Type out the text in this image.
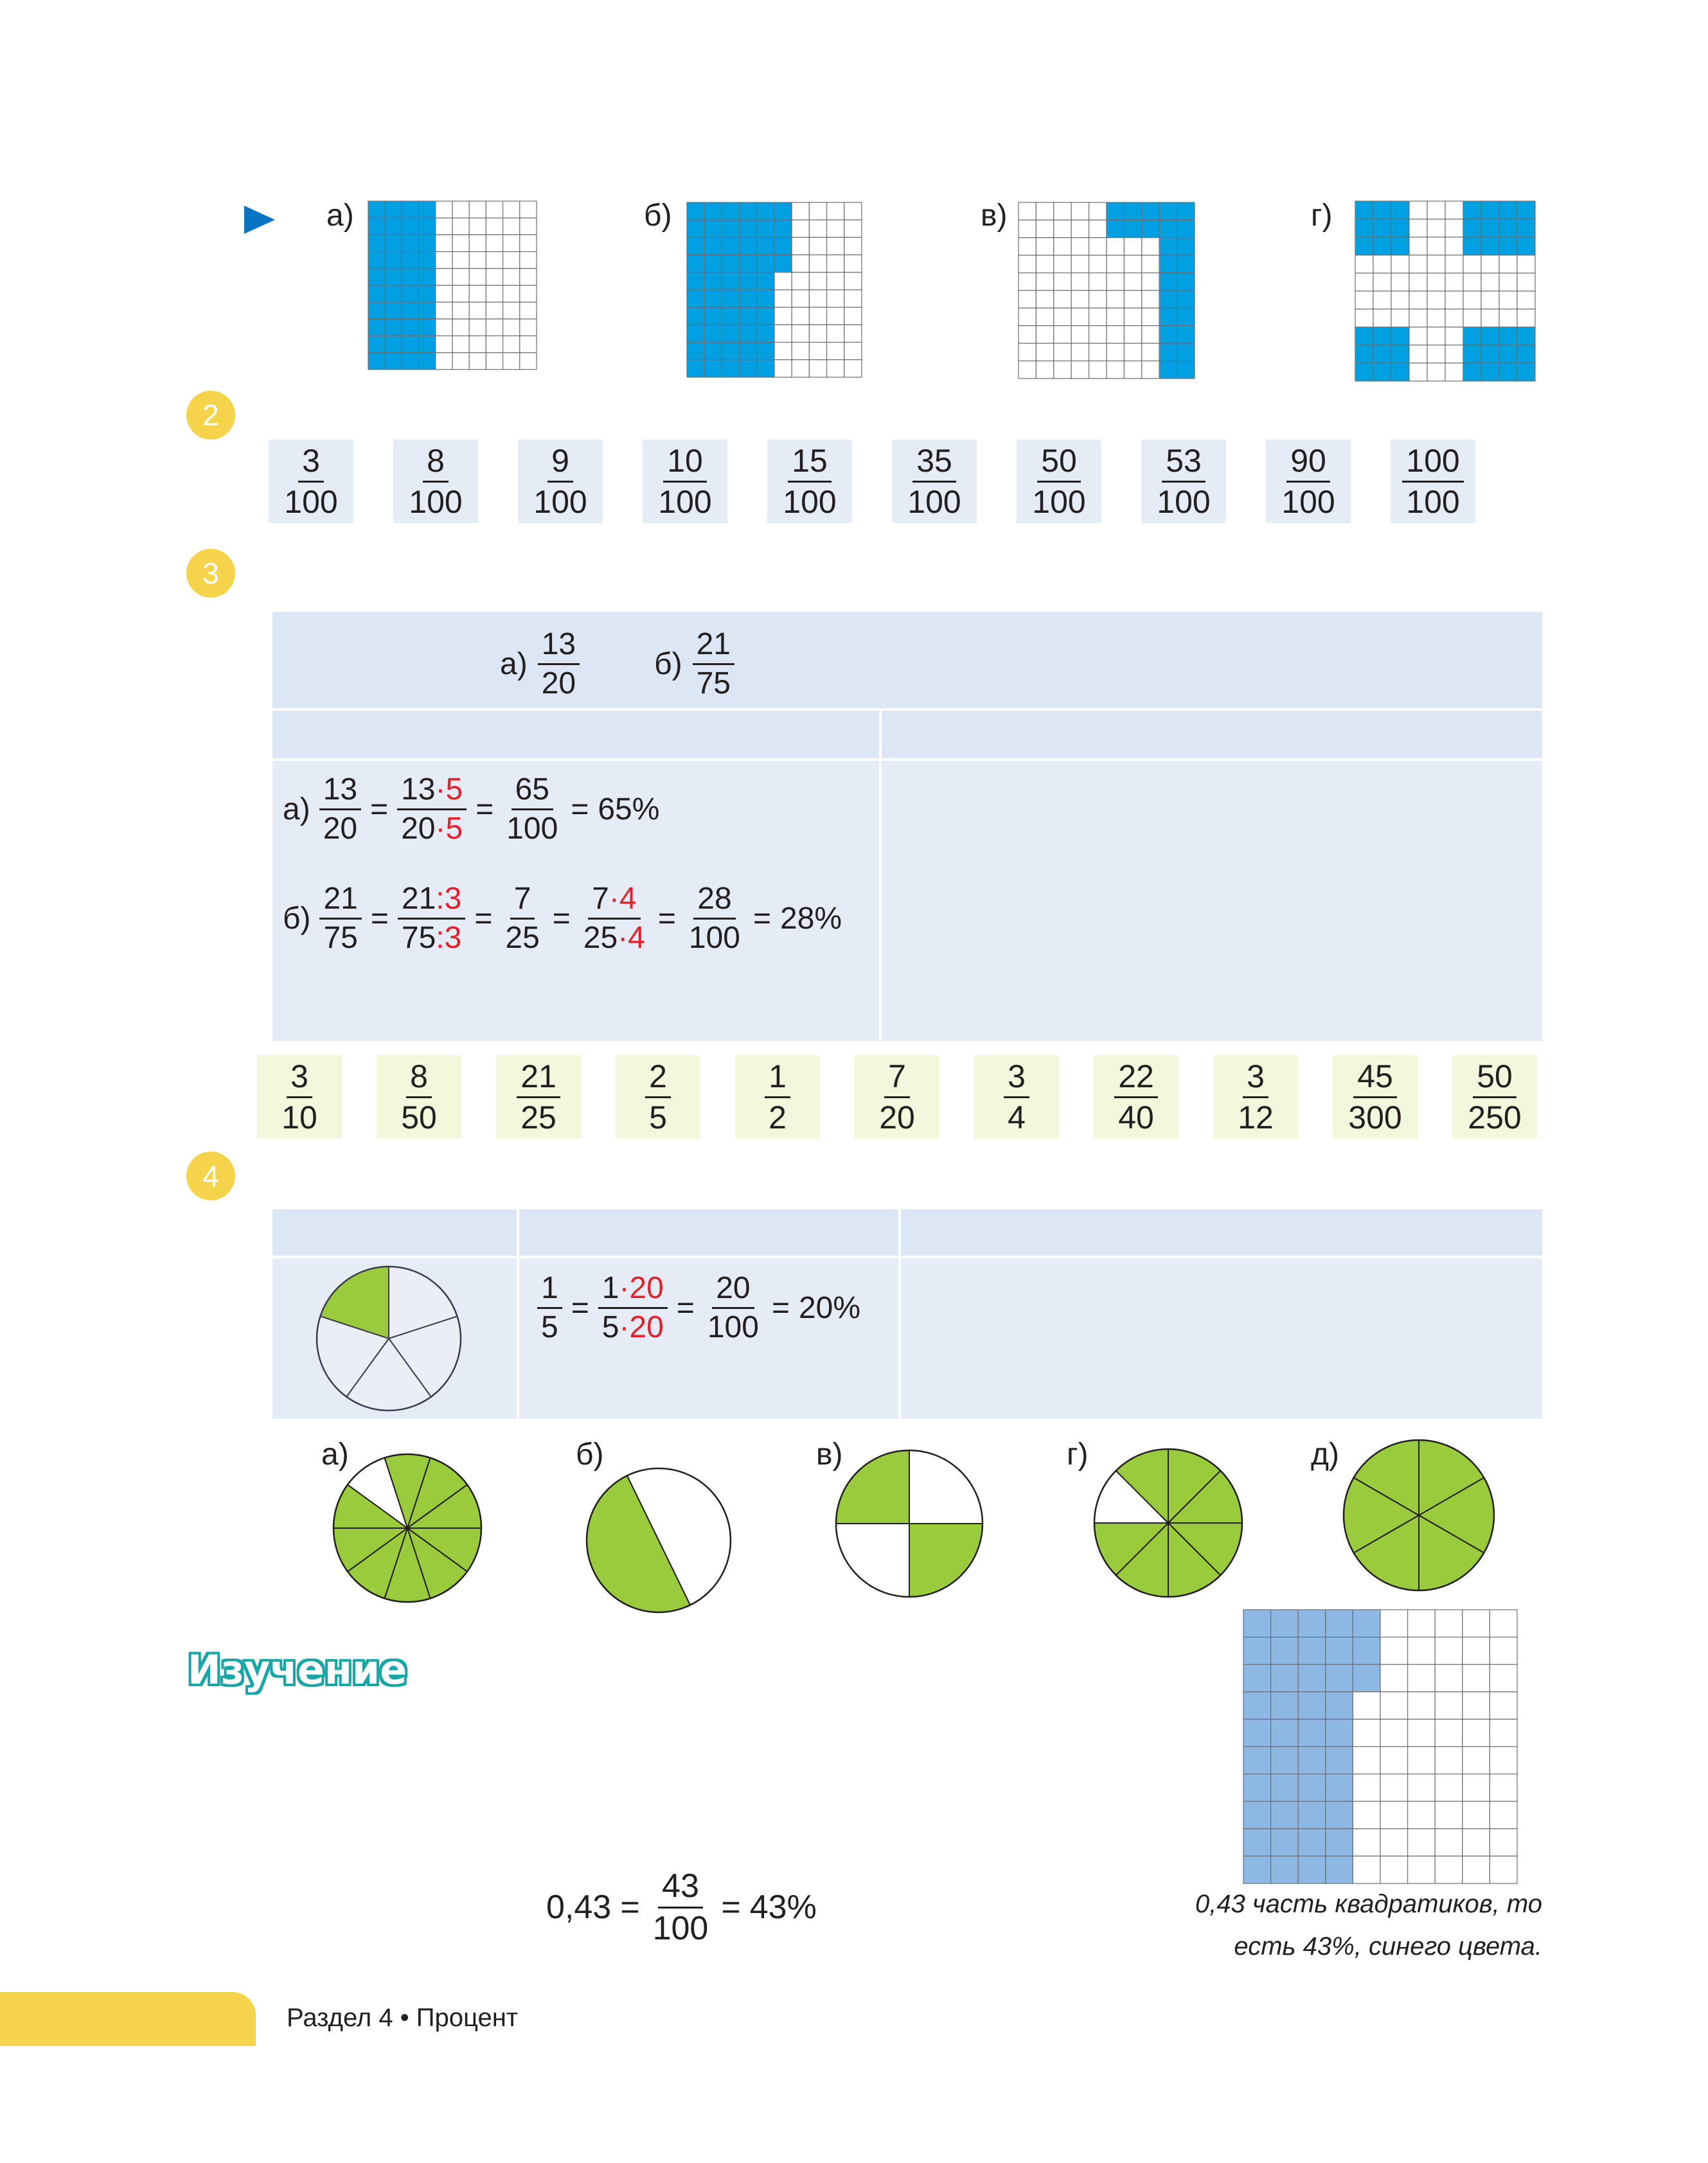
а)	б)	в)	г)
2
$\frac{3}{100} \frac{8}{100} \frac{9}{100} \frac{10}{100} \frac{15}{100} \frac{35}{100} \frac{50}{100} \frac{53}{100} \frac{90}{100} \frac{100}{100}$
3
$а) \frac{13}{20} б) \frac{21}{75}$
$а) \frac{13}{20} = \frac{13\cdot 5}{20\cdot 5} = \frac{65}{100} = 65\%$
$б) \frac{21}{75} = \frac{21:3}{75:3} = \frac{7}{25} = \frac{7\cdot 4}{25\cdot 4} = \frac{28}{100} = 28\%$
$\frac{3}{10} \frac{8}{50} \frac{21}{25}$	$\frac{2}{5}$	$\frac{1}{2}$	$\frac{7}{20}$	$\frac{3}{4}$	$\frac{22}{40} \frac{3}{12} \frac{45}{300} \frac{50}{250}$
4
$\frac{1}{5} = \frac{1\cdot 20}{5\cdot 20} = \frac{20}{100} = 20\%$
а)	б)	в)	г)	д)
Изучение
$0,43 = \frac{43}{100} = 43\%$	0,43 часть квадратиков, то
есть 43%, синего цвета.
Раздел 4 • Процент
